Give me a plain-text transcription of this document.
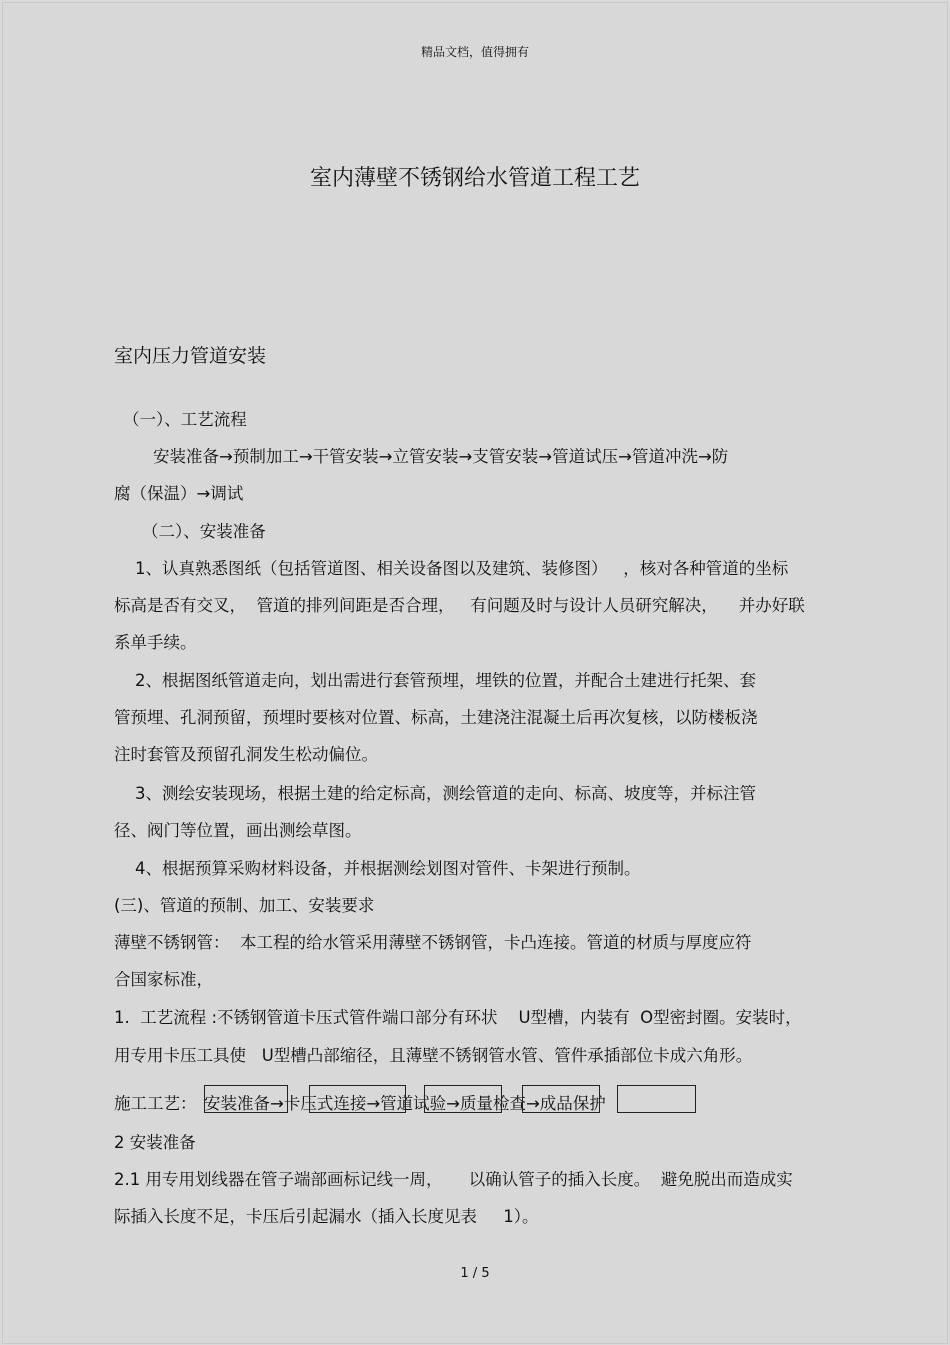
精品文档，值得拥有
室内薄壁不锈钢给水管道工程工艺
室内压力管道安装
（一）、工艺流程
安装准备→预制加工→干管安装→立管安装→支管安装→管道试压→管道冲洗→防
腐（保温）→调试
（二）、安装准备
1、认真熟悉图纸（包括管道图、相关设备图以及建筑、装修图）   ，核对各种管道的坐标
标高是否有交叉，  管道的排列间距是否合理，   有问题及时与设计人员研究解决，    并办好联
系单手续。
2、根据图纸管道走向，划出需进行套管预埋，埋铁的位置，并配合土建进行托架、套
管预埋、孔洞预留，预埋时要核对位置、标高，土建浇注混凝土后再次复核，以防楼板浇
注时套管及预留孔洞发生松动偏位。
3、测绘安装现场，根据土建的给定标高，测绘管道的走向、标高、坡度等，并标注管
径、阀门等位置，画出测绘草图。
4、根据预算采购材料设备，并根据测绘划图对管件、卡架进行预制。
(三)、管道的预制、加工、安装要求
薄壁不锈钢管：  本工程的给水管采用薄壁不锈钢管，卡凸连接。管道的材质与厚度应符
合国家标准，
1.  工艺流程 :不锈钢管道卡压式管件端口部分有环状    U型槽，内装有  O型密封圈。安装时，
用专用卡压工具使   U型槽凸部缩径，且薄壁不锈钢管水管、管件承插部位卡成六角形。
施工工艺： 安装准备→卡压式连接→管道试验→质量检查→成品保护
2 安装准备
2.1 用专用划线器在管子端部画标记线一周，     以确认管子的插入长度。  避免脱出而造成实
际插入长度不足，卡压后引起漏水（插入长度见表     1）。
1 / 5
